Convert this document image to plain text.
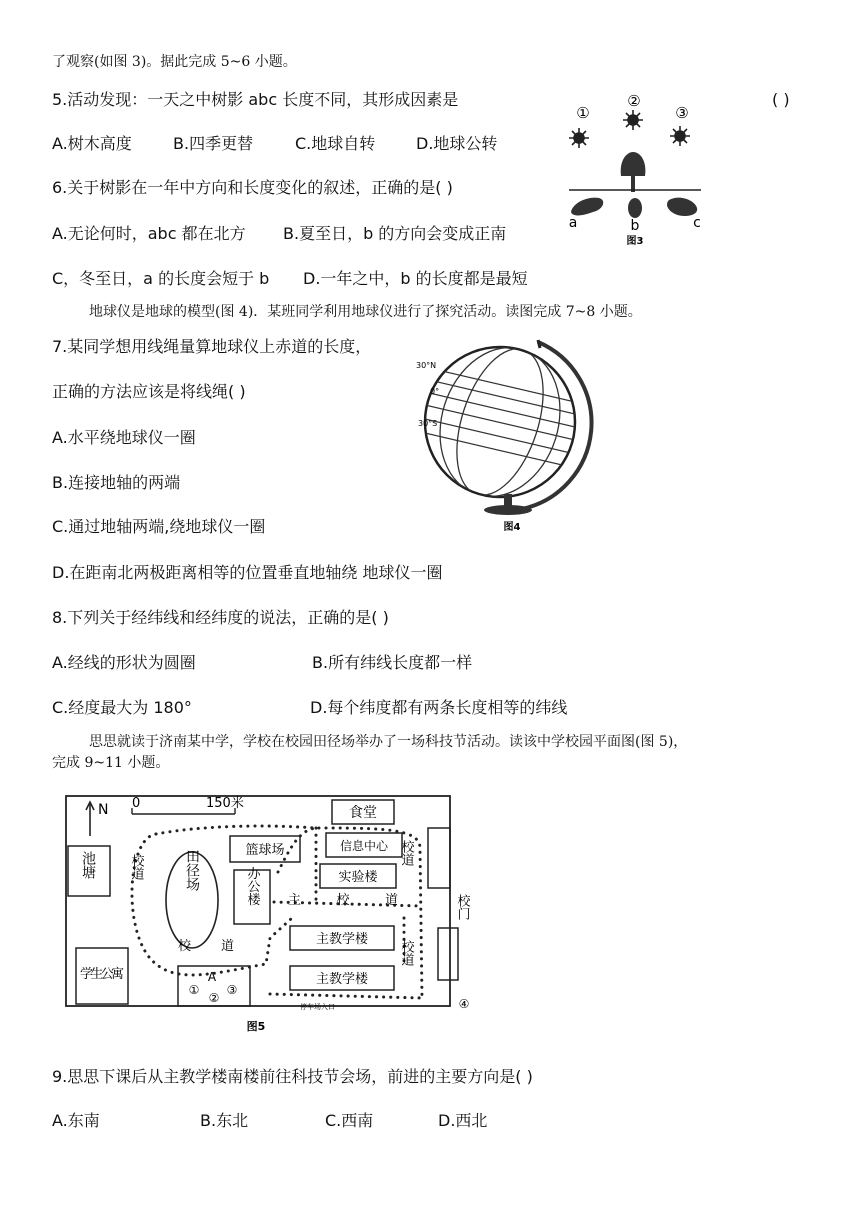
了观察(如图 3)。据此完成 5~6 小题。
5.活动发现：一天之中树影 abc 长度不同，其形成因素是	( )
A.树木高度	B.四季更替	C.地球自转	D.地球公转
6.关于树影在一年中方向和长度变化的叙述，正确的是( )
A.无论何时，abc 都在北方 B.夏至日，b 的方向会变成正南
C，冬至日，a 的长度会短于 b D.一年之中，b 的长度都是最短
①
②
③
a	b	c
图3
地球仪是地球的模型(图 4)．某班同学利用地球仪进行了探究活动。读图完成 7~8 小题。
7.某同学想用线绳量算地球仪上赤道的长度，
正确的方法应该是将线绳( )
A.水平绕地球仪一圈
B.连接地轴的两端
C.通过地轴两端,绕地球仪一圈
D.在距南北两极距离相等的位置垂直地轴绕 地球仪一圈
30°N
0°
30°S
图4
8.下列关于经纬线和经纬度的说法，正确的是( )
A.经线的形状为圆圈	B.所有纬线长度都一样
C.经度最大为 180°	D.每个纬度都有两条长度相等的纬线
思思就读于济南某中学，学校在校园田径场举办了一场科技节活动。读该中学校园平面图(图 5)，
完成 9~11 小题。
N 0	150米
食堂
池塘
篮球场	信息中心
实验楼
办公楼
田径场
主教学楼
主教学楼
学生公寓	A
①
②
③
校门
校道
校道
校道
校道
主校道
停车场入口	④
图5
9.思思下课后从主教学楼南楼前往科技节会场，前进的主要方向是( )
A.东南	B.东北	C.西南	D.西北
